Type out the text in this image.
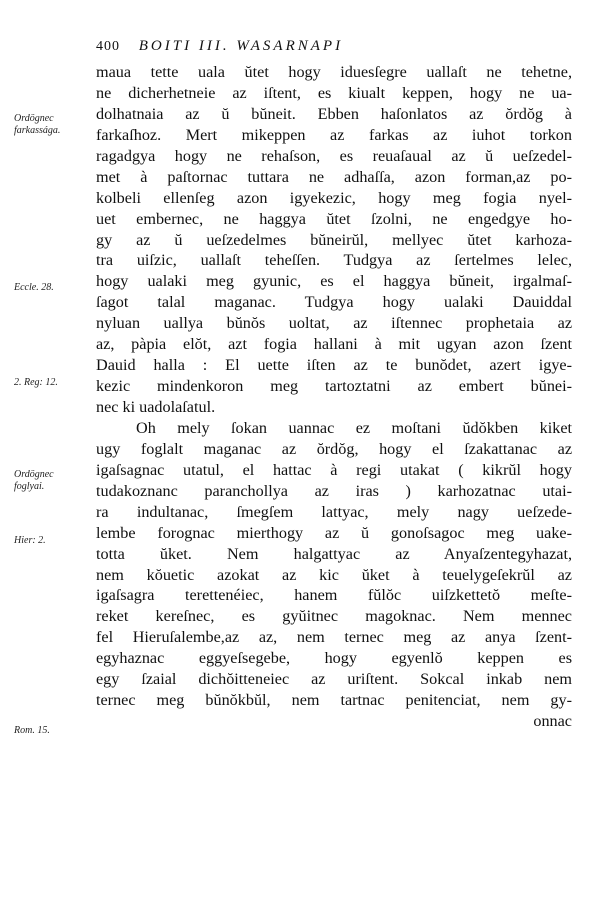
400 BOITI III. WASARNAPI
Ordögnec
farkassága.
Eccle. 28.
2. Reg: 12.
Ordögnec
foglyai.
Hier: 2.
Rom. 15.
maua tette uala ŭtet hogy iduesſegre uallaſt ne tehetne,
ne dicherhetneie az iſtent, es kiualt keppen, hogy ne ua-
dolhatnaia az ŭ bŭneit. Ebben haſonlatos az ŏrdŏg à
farkaſhoz. Mert mikeppen az farkas az iuhot torkon
ragadgya hogy ne rehaſson, es reuaſaual az ŭ ueſzedel-
met à paſtornac tuttara ne adhaſſa, azon forman,az po-
kolbeli ellenſeg azon igyekezic, hogy meg fogia nyel-
uet embernec, ne haggya ŭtet ſzolni, ne engedgye ho-
gy az ŭ ueſzedelmes bŭneirŭl, mellyec ŭtet karhoza-
tra uiſzic, uallaſt teheſſen. Tudgya az ſertelmes lelec,
hogy ualaki meg gyunic, es el haggya bŭneit, irgalmaſ-
ſagot talal maganac. Tudgya hogy ualaki Dauiddal
nyluan uallya bŭnŏs uoltat, az iſtennec prophetaia az
az, pàpia elŏt, azt fogia hallani à mit ugyan azon ſzent
Dauid halla : El uette iſten az te bunŏdet, azert igye-
kezic mindenkoron meg tartoztatni az embert bŭnei-
nec ki uadolaſatul.
Oh mely ſokan uannac ez moſtani ŭdŏkben kiket
ugy foglalt maganac az ŏrdŏg, hogy el ſzakattanac az
igaſsagnac utatul, el hattac à regi utakat ( kikrŭl hogy
tudakoznanc paranchollya az iras ) karhozatnac utai-
ra indultanac, ſmegſem lattyac, mely nagy ueſzede-
lembe forognac mierthogy az ŭ gonoſsagoc meg uake-
totta ŭket. Nem halgattyac az Anyaſzentegyhazat,
nem kŏuetic azokat az kic ŭket à teuelygeſekrŭl az
igaſsagra terettenéiec, hanem fŭlŏc uiſzkettetŏ meſte-
reket kereſnec, es gyŭitnec magoknac. Nem mennec
fel Hieruſalembe,az az, nem ternec meg az anya ſzent-
egyhaznac eggyeſsegebe, hogy egyenlŏ keppen es
egy ſzaial dichŏitteneiec az uriſtent. Sokcal inkab nem
ternec meg bŭnŏkbŭl, nem tartnac penitenciat, nem gy-
onnac
